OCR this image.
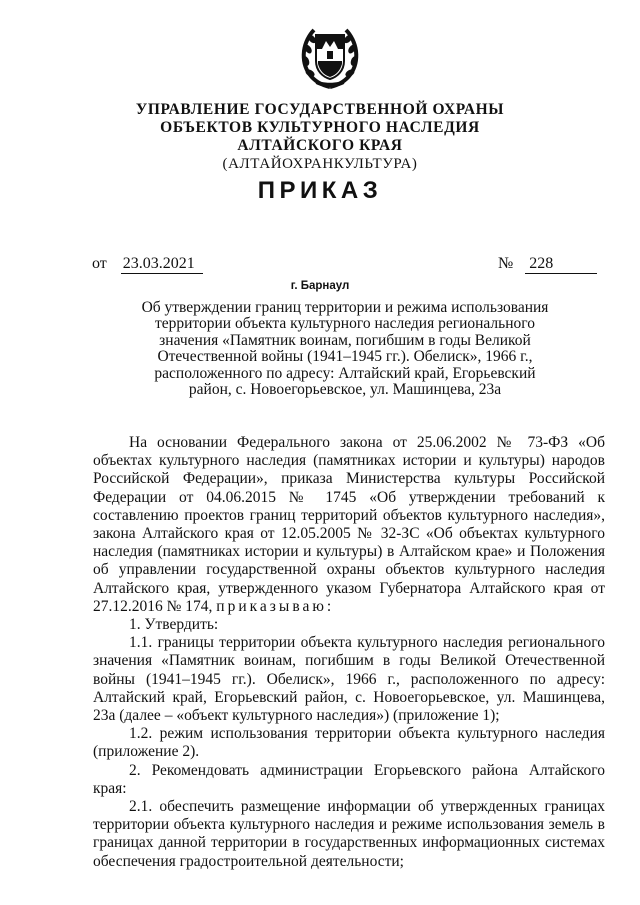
УПРАВЛЕНИЕ ГОСУДАРСТВЕННОЙ ОХРАНЫ
ОБЪЕКТОВ КУЛЬТУРНОГО НАСЛЕДИЯ
АЛТАЙСКОГО КРАЯ
(АЛТАЙОХРАНКУЛЬТУРА)
ПРИКАЗ
от 23.03.2021	№ 228
г. Барнаул
Об утверждении границ территории и режима использования территории объекта культурного наследия регионального значения «Памятник воинам, погибшим в годы Великой Отечественной войны (1941–1945 гг.). Обелиск», 1966 г., расположенного по адресу: Алтайский край, Егорьевский район, с. Новоегорьевское, ул. Машинцева, 23а

На основании Федерального закона от 25.06.2002 № 73-ФЗ «Об объектах культурного наследия (памятниках истории и культуры) народов Российской Федерации», приказа Министерства культуры Российской Федерации от 04.06.2015 № 1745 «Об утверждении требований к составлению проектов границ территорий объектов культурного наследия», закона Алтайского края от 12.05.2005 № 32-ЗС «Об объектах культурного наследия (памятниках истории и культуры) в Алтайском крае» и Положения об управлении государственной охраны объектов культурного наследия Алтайского края, утвержденного указом Губернатора Алтайского края от 27.12.2016 № 174, приказываю:

1. Утвердить:

1.1. границы территории объекта культурного наследия регионального значения «Памятник воинам, погибшим в годы Великой Отечественной войны (1941–1945 гг.). Обелиск», 1966 г., расположенного по адресу: Алтайский край, Егорьевский район, с. Новоегорьевское, ул. Машинцева, 23а (далее – «объект культурного наследия») (приложение 1);

1.2. режим использования территории объекта культурного наследия (приложение 2).

2. Рекомендовать администрации Егорьевского района Алтайского края:

2.1. обеспечить размещение информации об утвержденных границах территории объекта культурного наследия и режиме использования земель в границах данной территории в государственных информационных системах обеспечения градостроительной деятельности;
